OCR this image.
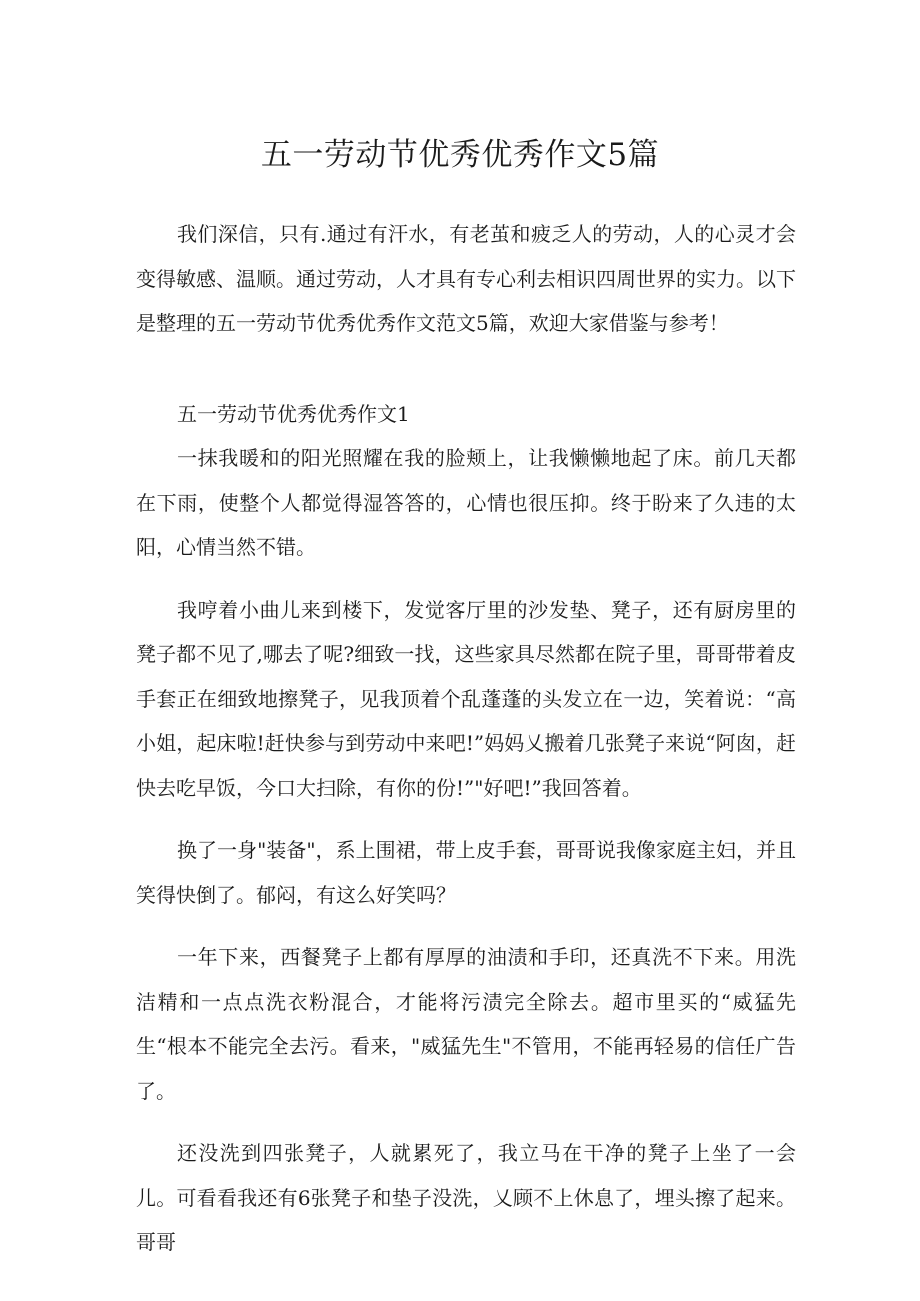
五一劳动节优秀优秀作文5篇

我们深信，只有.通过有汗水，有老茧和疲乏人的劳动，人的心灵才会变得敏感、温顺。通过劳动，人才具有专心利去相识四周世界的实力。以下是整理的五一劳动节优秀优秀作文范文5篇，欢迎大家借鉴与参考！

五一劳动节优秀优秀作文1

一抹我暖和的阳光照耀在我的脸颊上，让我懒懒地起了床。前几天都在下雨，使整个人都觉得湿答答的，心情也很压抑。终于盼来了久违的太阳，心情当然不错。

我哼着小曲儿来到楼下，发觉客厅里的沙发垫、凳子，还有厨房里的凳子都不见了,哪去了呢?细致一找，这些家具尽然都在院子里，哥哥带着皮手套正在细致地擦凳子，见我顶着个乱蓬蓬的头发立在一边，笑着说：“高小姐，起床啦!赶快参与到劳动中来吧!”妈妈乂搬着几张凳子来说“阿囱，赶快去吃早饭，今口大扫除，有你的份!”"好吧!”我回答着。

换了一身"装备"，系上围裙，带上皮手套，哥哥说我像家庭主妇，并且笑得快倒了。郁闷，有这么好笑吗？

一年下来，西餐凳子上都有厚厚的油渍和手印，还真洗不下来。用洗洁精和一点点洗衣粉混合，才能将污渍完全除去。超市里买的“威猛先生“根本不能完全去污。看来，"威猛先生"不管用，不能再轻易的信任广告了。

还没洗到四张凳子，人就累死了，我立马在干净的凳子上坐了一会儿。可看看我还有6张凳子和垫子没洗，乂顾不上休息了，埋头擦了起来。哥哥
